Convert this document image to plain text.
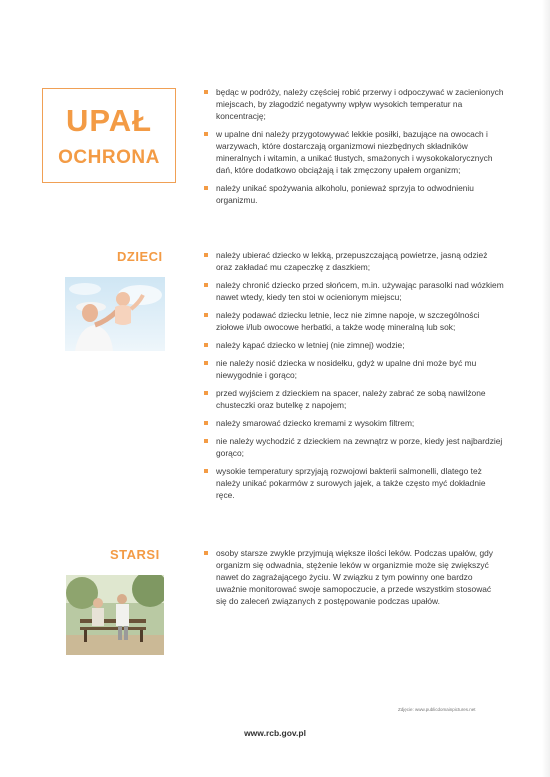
UPAŁ
OCHRONA
będąc w podróży, należy częściej robić przerwy i odpoczywać w zacienionych miejscach, by złagodzić negatywny wpływ wysokich temperatur na koncentrację;
w upalne dni należy przygotowywać lekkie posiłki, bazujące na owocach i warzywach, które dostarczają organizmowi niezbędnych składników mineralnych i witamin, a unikać tłustych, smażonych i wysokokalorycznych dań, które dodatkowo obciążają i tak zmęczony upałem organizm;
należy unikać spożywania alkoholu, ponieważ sprzyja to odwodnieniu organizmu.
DZIECI	należy ubierać dziecko w lekką, przepuszczającą powietrze, jasną odzież oraz zakładać mu czapeczkę z daszkiem;
należy chronić dziecko przed słońcem, m.in. używając parasolki nad wózkiem nawet wtedy, kiedy ten stoi w ocienionym miejscu;
należy podawać dziecku letnie, lecz nie zimne napoje, w szczególności ziołowe i/lub owocowe herbatki, a także wodę mineralną lub sok;
należy kąpać dziecko w letniej (nie zimnej) wodzie;
nie należy nosić dziecka w nosidełku, gdyż w upalne dni może być mu niewygodnie i gorąco;
przed wyjściem z dzieckiem na spacer, należy zabrać ze sobą nawilżone chusteczki oraz butelkę z napojem;
należy smarować dziecko kremami z wysokim filtrem;
nie należy wychodzić z dzieckiem na zewnątrz w porze, kiedy jest najbardziej gorąco;
wysokie temperatury sprzyjają rozwojowi bakterii salmonelli, dlatego też należy unikać pokarmów z surowych jajek, a także często myć dokładnie ręce.
STARSI	osoby starsze zwykle przyjmują większe ilości leków. Podczas upałów, gdy organizm się odwadnia, stężenie leków w organizmie może się zwiększyć nawet do zagrażającego życiu. W związku z tym powinny one bardzo uważnie monitorować swoje samopoczucie, a przede wszystkim stosować się do zaleceń związanych z postępowanie podczas upałów.
Zdjęcie: www.publicdomainpictures.net
www.rcb.gov.pl
